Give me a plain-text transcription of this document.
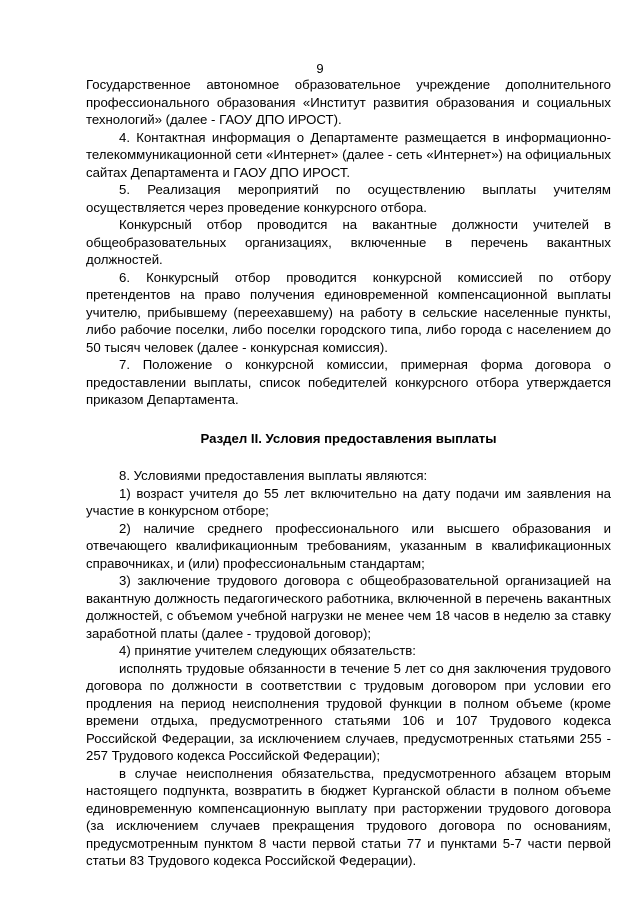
9

Государственное автономное образовательное учреждение дополнительного профессионального образования «Институт развития образования и социальных технологий» (далее - ГАОУ ДПО ИРОСТ).

4. Контактная информация о Департаменте размещается в информационно-телекоммуникационной сети «Интернет» (далее - сеть «Интернет») на официальных сайтах Департамента и ГАОУ ДПО ИРОСТ.

5. Реализация мероприятий по осуществлению выплаты учителям осуществляется через проведение конкурсного отбора.

Конкурсный отбор проводится на вакантные должности учителей в общеобразовательных организациях, включенные в перечень вакантных должностей.

6. Конкурсный отбор проводится конкурсной комиссией по отбору претендентов на право получения единовременной компенсационной выплаты учителю, прибывшему (переехавшему) на работу в сельские населенные пункты, либо рабочие поселки, либо поселки городского типа, либо города с населением до 50 тысяч человек (далее - конкурсная комиссия).

7. Положение о конкурсной комиссии, примерная форма договора о предоставлении выплаты, список победителей конкурсного отбора утверждается приказом Департамента.

Раздел II. Условия предоставления выплаты

8. Условиями предоставления выплаты являются:

1) возраст учителя до 55 лет включительно на дату подачи им заявления на участие в конкурсном отборе;

2) наличие среднего профессионального или высшего образования и отвечающего квалификационным требованиям, указанным в квалификационных справочниках, и (или) профессиональным стандартам;

3) заключение трудового договора с общеобразовательной организацией на вакантную должность педагогического работника, включенной в перечень вакантных должностей, с объемом учебной нагрузки не менее чем 18 часов в неделю за ставку заработной платы (далее - трудовой договор);

4) принятие учителем следующих обязательств:

исполнять трудовые обязанности в течение 5 лет со дня заключения трудового договора по должности в соответствии с трудовым договором при условии его продления на период неисполнения трудовой функции в полном объеме (кроме времени отдыха, предусмотренного статьями 106 и 107 Трудового кодекса Российской Федерации, за исключением случаев, предусмотренных статьями 255 - 257 Трудового кодекса Российской Федерации);

в случае неисполнения обязательства, предусмотренного абзацем вторым настоящего подпункта, возвратить в бюджет Курганской области в полном объеме единовременную компенсационную выплату при расторжении трудового договора (за исключением случаев прекращения трудового договора по основаниям, предусмотренным пунктом 8 части первой статьи 77 и пунктами 5-7 части первой статьи 83 Трудового кодекса Российской Федерации).
